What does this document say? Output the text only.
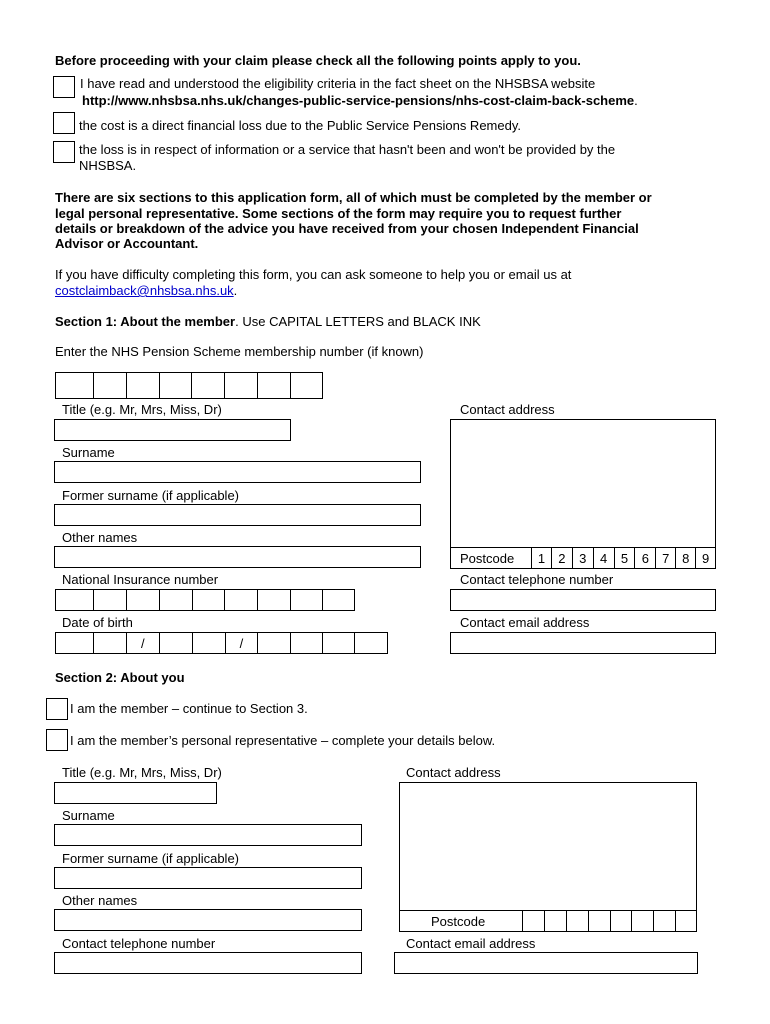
Before proceeding with your claim please check all the following points apply to you.
I have read and understood the eligibility criteria in the fact sheet on the NHSBSA website
http://www.nhsbsa.nhs.uk/changes-public-service-pensions/nhs-cost-claim-back-scheme.
the cost is a direct financial loss due to the Public Service Pensions Remedy.
the loss is in respect of information or a service that hasn't been and won't be provided by the
NHSBSA.
There are six sections to this application form, all of which must be completed by the member or
legal personal representative. Some sections of the form may require you to request further
details or breakdown of the advice you have received from your chosen Independent Financial
Advisor or Accountant.
If you have difficulty completing this form, you can ask someone to help you or email us at
costclaimback@nhsbsa.nhs.uk.
Section 1: About the member. Use CAPITAL LETTERS and BLACK INK
Enter the NHS Pension Scheme membership number (if known)
Title (e.g. Mr, Mrs, Miss, Dr)
Surname
Former surname (if applicable)
Other names
National Insurance number
Date of birth
/	/
Contact address
Postcode	1	2	3	4	5	6	7 8 9
Contact telephone number
Contact email address
Section 2: About you
I am the member – continue to Section 3.
I am the member’s personal representative – complete your details below.
Title (e.g. Mr, Mrs, Miss, Dr)
Surname
Former surname (if applicable)
Other names
Contact telephone number
Contact address
Postcode
Contact email address
